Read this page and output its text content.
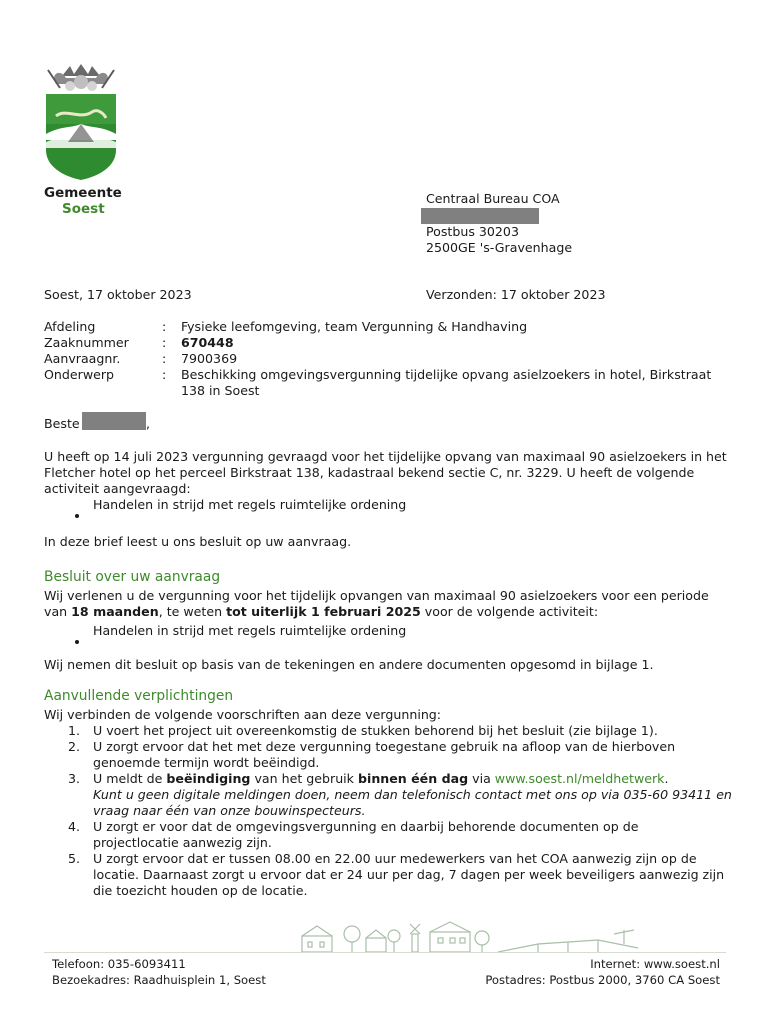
Gemeente
Soest
Centraal Bureau COA
Postbus 30203
2500GE 's-Gravenhage
Soest, 17 oktober 2023	Verzonden: 17 oktober 2023
Afdeling	: Fysieke leefomgeving, team Vergunning & Handhaving
Zaaknummer	: 670448
Aanvraagnr.	: 7900369
Onderwerp	: Beschikking omgevingsvergunning tijdelijke opvang asielzoekers in hotel, Birkstraat
138 in Soest
Beste	,
U heeft op 14 juli 2023 vergunning gevraagd voor het tijdelijke opvang van maximaal 90 asielzoekers in het
Fletcher hotel op het perceel Birkstraat 138, kadastraal bekend sectie C, nr. 3229. U heeft de volgende
activiteit aangevraagd:
Handelen in strijd met regels ruimtelijke ordening
In deze brief leest u ons besluit op uw aanvraag.
Besluit over uw aanvraag
Wij verlenen u de vergunning voor het tijdelijk opvangen van maximaal 90 asielzoekers voor een periode
van 18 maanden, te weten tot uiterlijk 1 februari 2025 voor de volgende activiteit:
Handelen in strijd met regels ruimtelijke ordening
Wij nemen dit besluit op basis van de tekeningen en andere documenten opgesomd in bijlage 1.
Aanvullende verplichtingen
Wij verbinden de volgende voorschriften aan deze vergunning:
1. U voert het project uit overeenkomstig de stukken behorend bij het besluit (zie bijlage 1).
2. U zorgt ervoor dat het met deze vergunning toegestane gebruik na afloop van de hierboven
genoemde termijn wordt beëindigd.
3. U meldt de beëindiging van het gebruik binnen één dag via www.soest.nl/meldhetwerk.
Kunt u geen digitale meldingen doen, neem dan telefonisch contact met ons op via 035-60 93411 en
vraag naar één van onze bouwinspecteurs.
4. U zorgt er voor dat de omgevingsvergunning en daarbij behorende documenten op de
projectlocatie aanwezig zijn.
5. U zorgt ervoor dat er tussen 08.00 en 22.00 uur medewerkers van het COA aanwezig zijn op de
locatie. Daarnaast zorgt u ervoor dat er 24 uur per dag, 7 dagen per week beveiligers aanwezig zijn
die toezicht houden op de locatie.
Telefoon: 035-6093411
Bezoekadres: Raadhuisplein 1, Soest
Internet: www.soest.nl
Postadres: Postbus 2000, 3760 CA Soest
